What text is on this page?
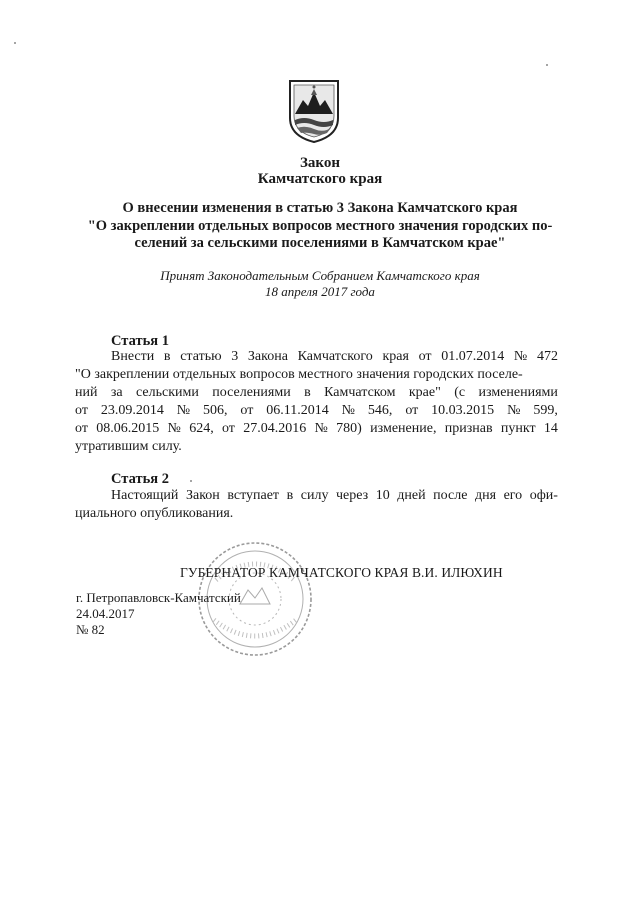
Закон
Камчатского края
О внесении изменения в статью 3 Закона Камчатского края
"О закреплении отдельных вопросов местного значения городских по-
селений за сельскими поселениями в Камчатском крае"
Принят Законодательным Собранием Камчатского края
18 апреля 2017 года
Статья 1
Внести в статью 3 Закона Камчатского края от 01.07.2014 № 472
"О закреплении отдельных вопросов местного значения городских поселе-
ний за сельскими поселениями в Камчатском крае" (с изменениями
от 23.09.2014 № 506, от 06.11.2014 № 546, от 10.03.2015 № 599,
от 08.06.2015 № 624, от 27.04.2016 № 780) изменение, признав пункт 14
утратившим силу.
Статья 2
Настоящий Закон вступает в силу через 10 дней после дня его офи-
циального опубликования.
ГУБЕРНАТОР КАМЧАТСКОГО КРАЯ В.И. ИЛЮХИН
г. Петропавловск-Камчатский
24.04.2017
№ 82
